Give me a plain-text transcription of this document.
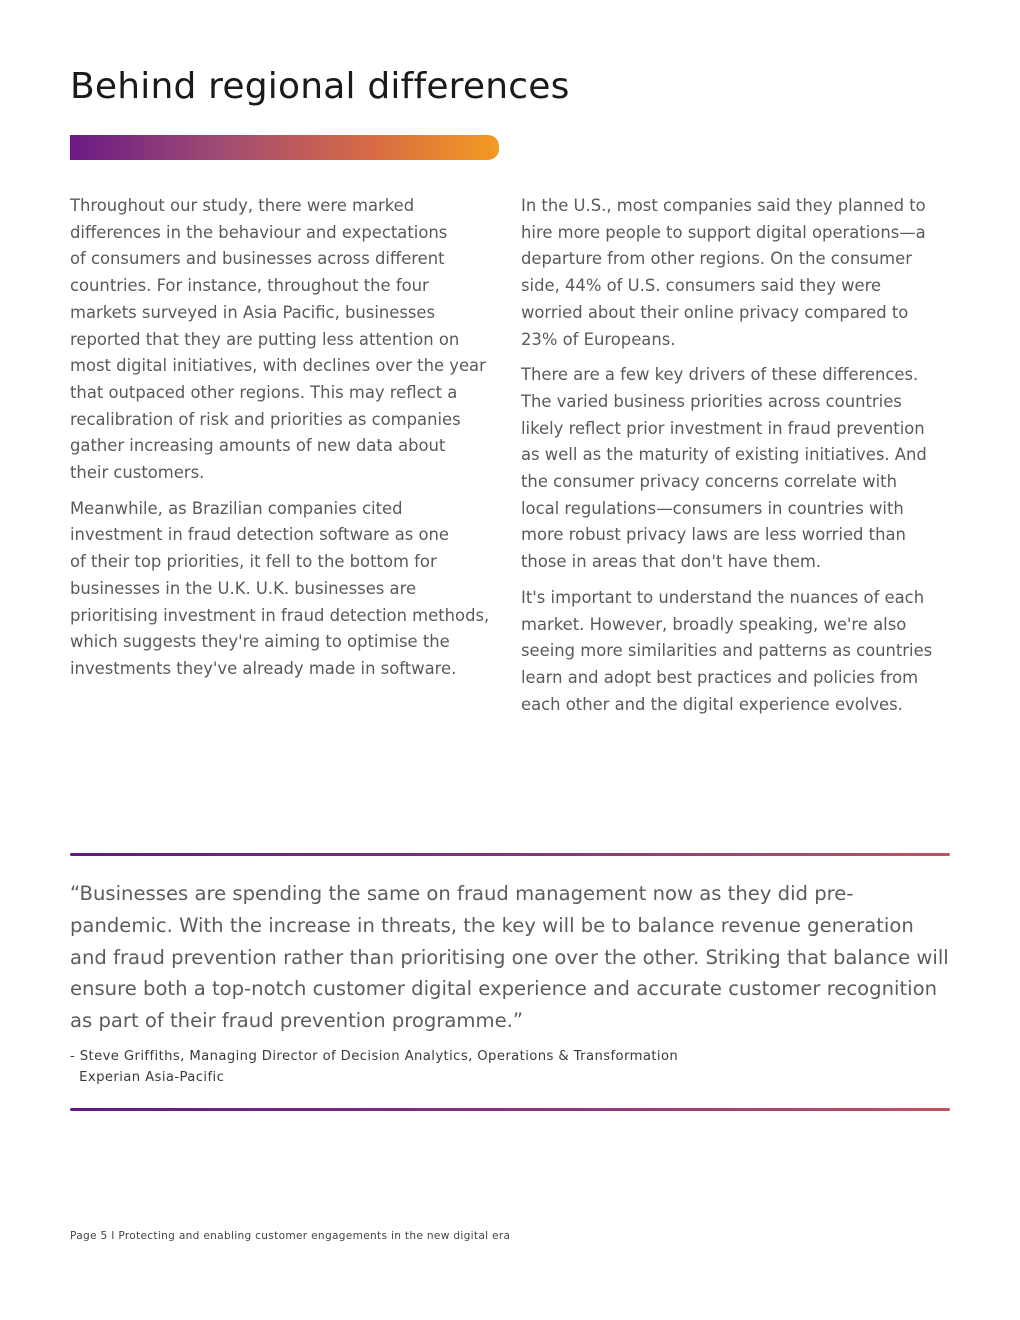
Behind regional differences

Throughout our study, there were marked
differences in the behaviour and expectations
of consumers and businesses across different
countries. For instance, throughout the four
markets surveyed in Asia Pacific, businesses
reported that they are putting less attention on
most digital initiatives, with declines over the year
that outpaced other regions. This may reflect a
recalibration of risk and priorities as companies
gather increasing amounts of new data about
their customers.

Meanwhile, as Brazilian companies cited
investment in fraud detection software as one
of their top priorities, it fell to the bottom for
businesses in the U.K. U.K. businesses are
prioritising investment in fraud detection methods,
which suggests they're aiming to optimise the
investments they've already made in software.

In the U.S., most companies said they planned to
hire more people to support digital operations—a
departure from other regions. On the consumer
side, 44% of U.S. consumers said they were
worried about their online privacy compared to
23% of Europeans.

There are a few key drivers of these differences.
The varied business priorities across countries
likely reflect prior investment in fraud prevention
as well as the maturity of existing initiatives. And
the consumer privacy concerns correlate with
local regulations—consumers in countries with
more robust privacy laws are less worried than
those in areas that don't have them.

It's important to understand the nuances of each
market. However, broadly speaking, we're also
seeing more similarities and patterns as countries
learn and adopt best practices and policies from
each other and the digital experience evolves.

“Businesses are spending the same on fraud management now as they did pre-
pandemic. With the increase in threats, the key will be to balance revenue generation
and fraud prevention rather than prioritising one over the other. Striking that balance will
ensure both a top-notch customer digital experience and accurate customer recognition
as part of their fraud prevention programme.”

- Steve Griffiths, Managing Director of Decision Analytics, Operations & Transformation
Experian Asia-Pacific

Page 5 I Protecting and enabling customer engagements in the new digital era
